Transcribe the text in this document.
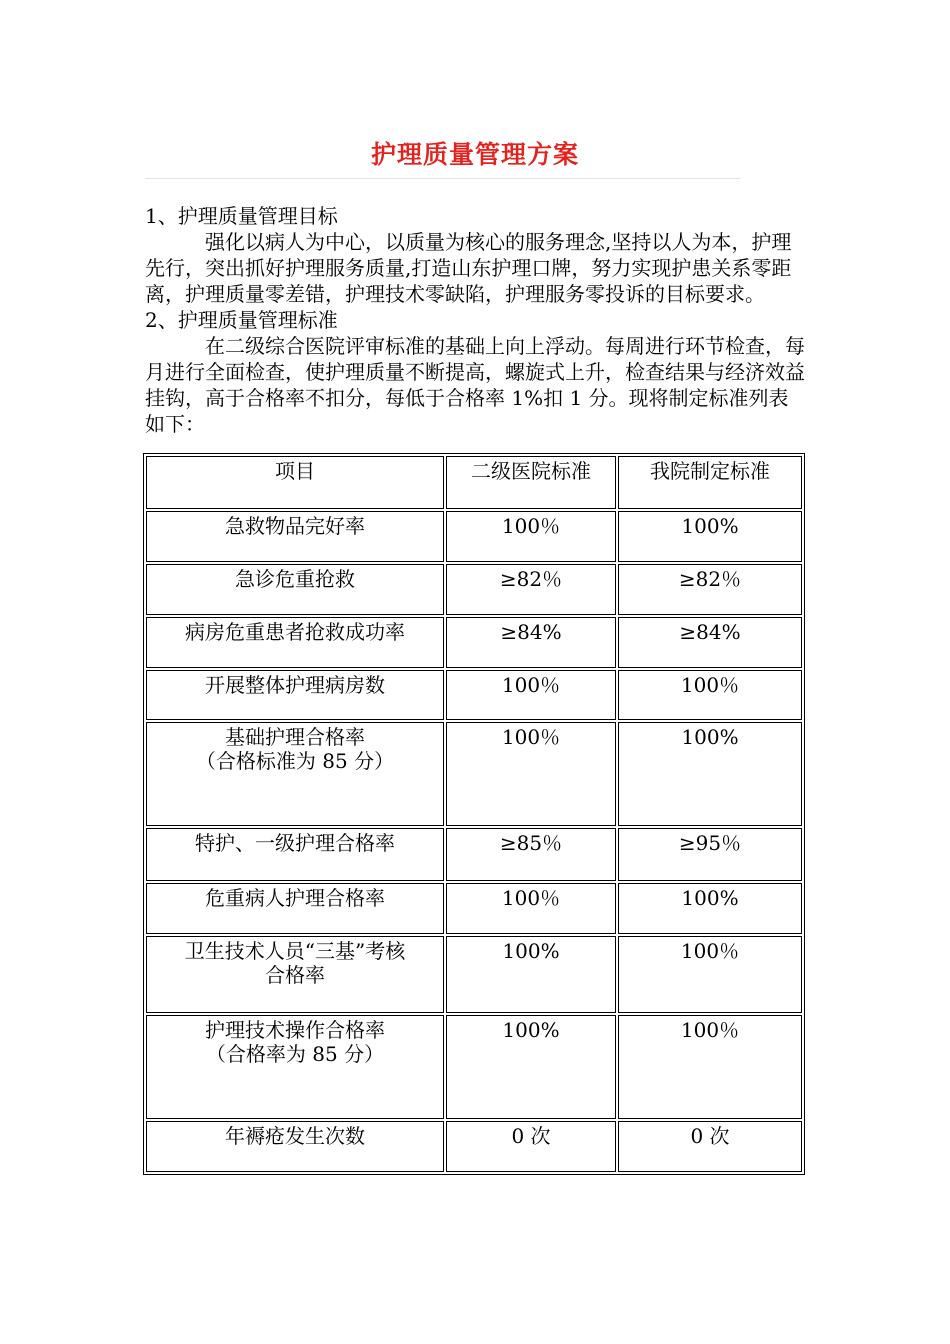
护理质量管理方案

1、护理质量管理目标

强化以病人为中心，以质量为核心的服务理念,坚持以人为本，护理先行，突出抓好护理服务质量,打造山东护理口牌，努力实现护患关系零距离，护理质量零差错，护理技术零缺陷，护理服务零投诉的目标要求。

2、护理质量管理标准

在二级综合医院评审标准的基础上向上浮动。每周进行环节检查，每月进行全面检查，使护理质量不断提高，螺旋式上升，检查结果与经济效益挂钩，高于合格率不扣分，每低于合格率 1%扣 1 分。现将制定标准列表如下：

项目	二级医院标准	我院制定标准

急救物品完好率	100％	100%

急诊危重抢救	≥82％	≥82％

病房危重患者抢救成功率	≥84%	≥84%

开展整体护理病房数	100％	100％

基础护理合格率
（合格标准为 85 分）	100％	100%

特护、一级护理合格率	≥85％	≥95％

危重病人护理合格率	100％	100%

卫生技术人员“三基”考核
合格率	100%	100％

护理技术操作合格率
（合格率为 85 分）	100%	100％

年褥疮发生次数	0 次	0 次
